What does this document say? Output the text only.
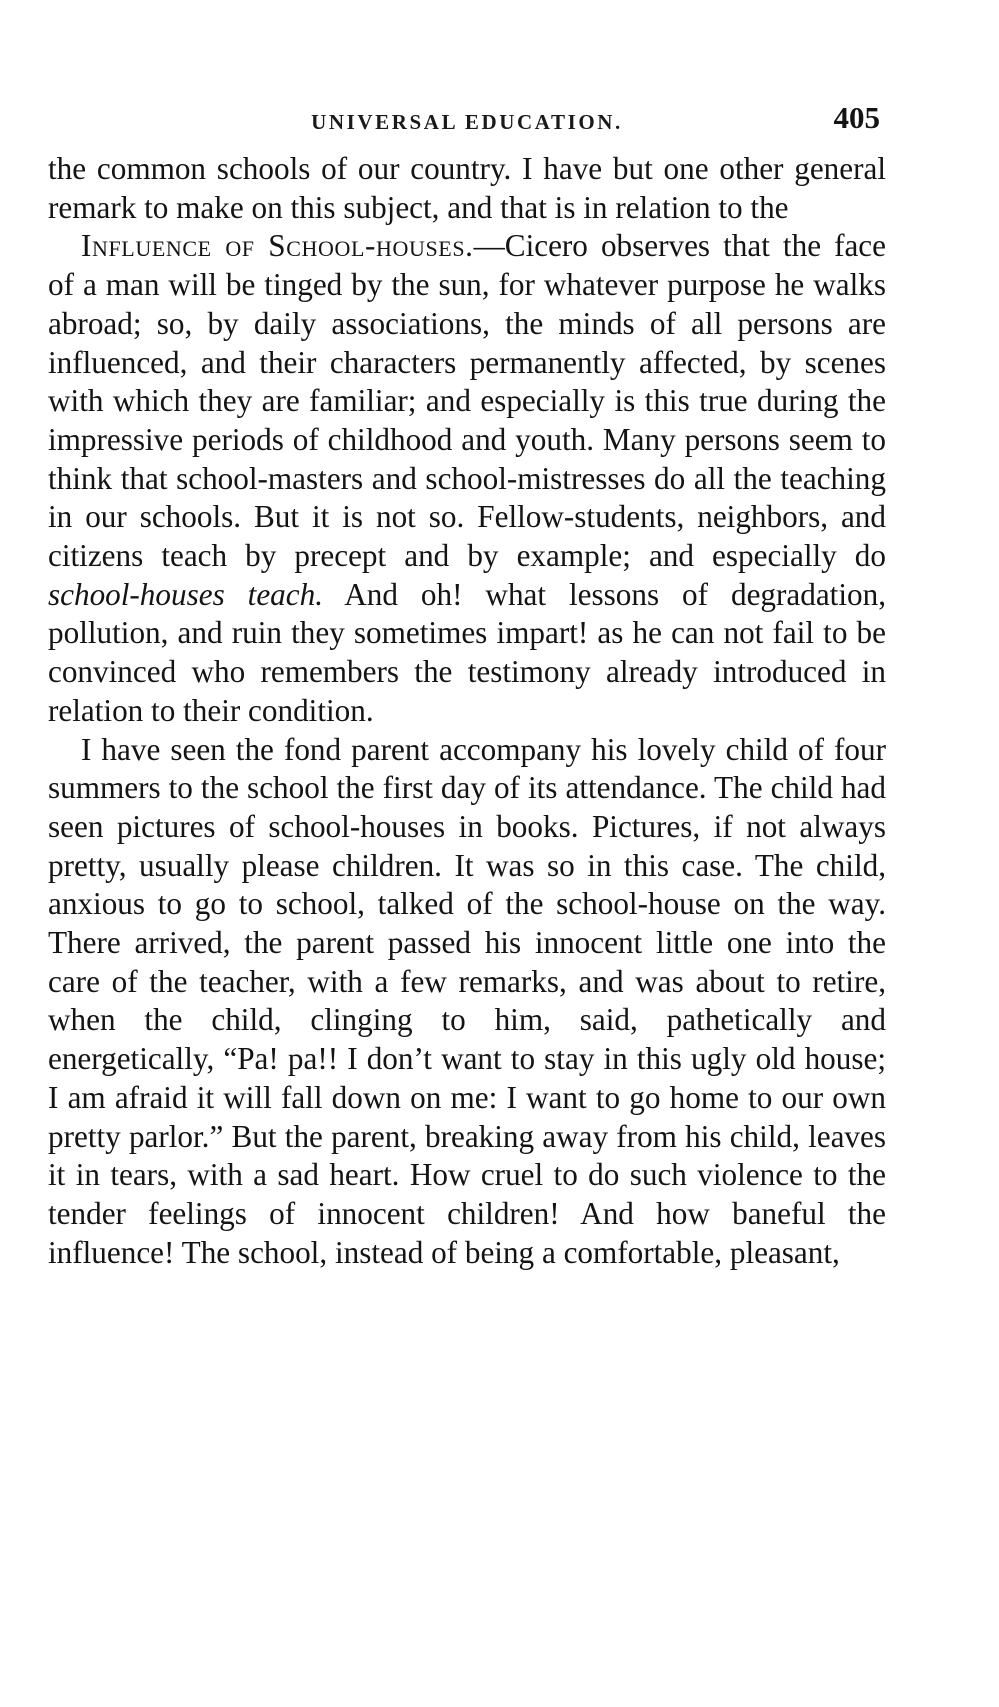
UNIVERSAL EDUCATION.	405

the common schools of our country. I have but one other general remark to make on this subject, and that is in relation to the

Influence of School-houses.—Cicero observes that the face of a man will be tinged by the sun, for whatever purpose he walks abroad; so, by daily associations, the minds of all persons are influenced, and their characters permanently affected, by scenes with which they are familiar; and especially is this true during the impressive periods of childhood and youth. Many persons seem to think that school-masters and school-mistresses do all the teaching in our schools. But it is not so. Fellow-students, neighbors, and citizens teach by precept and by example; and especially do school-houses teach. And oh! what lessons of degradation, pollution, and ruin they sometimes impart! as he can not fail to be convinced who remembers the testimony already introduced in relation to their condition.

I have seen the fond parent accompany his lovely child of four summers to the school the first day of its attendance. The child had seen pictures of school-houses in books. Pictures, if not always pretty, usually please children. It was so in this case. The child, anxious to go to school, talked of the school-house on the way. There arrived, the parent passed his innocent little one into the care of the teacher, with a few remarks, and was about to retire, when the child, clinging to him, said, pathetically and energetically, “Pa! pa!! I don’t want to stay in this ugly old house; I am afraid it will fall down on me: I want to go home to our own pretty parlor.” But the parent, breaking away from his child, leaves it in tears, with a sad heart. How cruel to do such violence to the tender feelings of innocent children! And how baneful the influence! The school, instead of being a comfortable, pleasant,
